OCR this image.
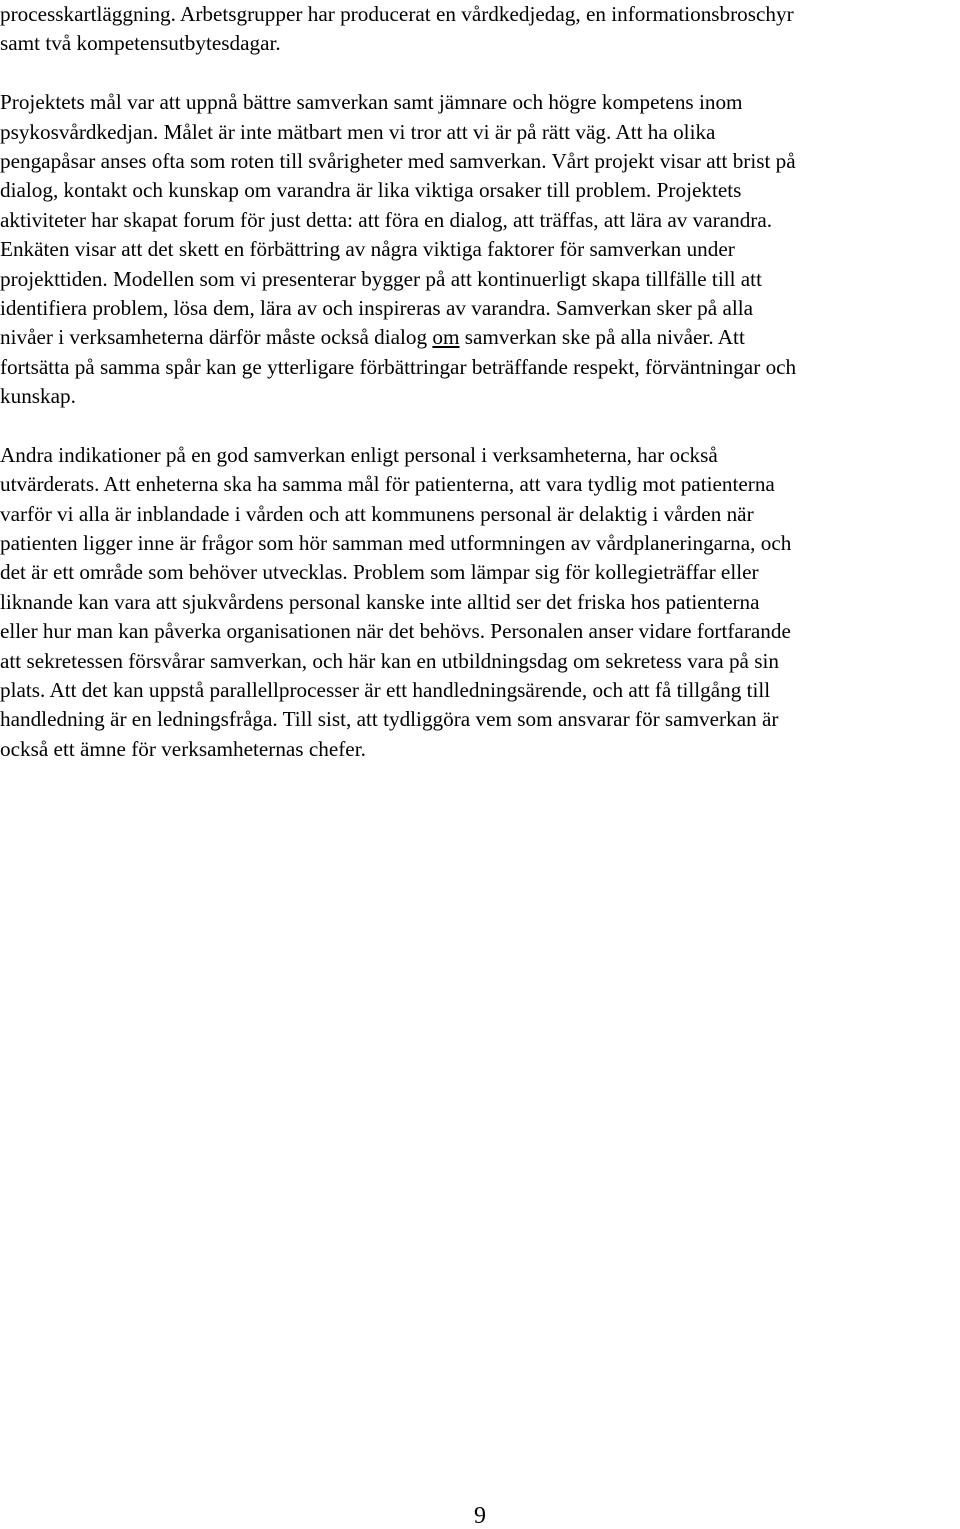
processkartläggning. Arbetsgrupper har producerat en vårdkedjedag, en informationsbroschyr
samt två kompetensutbytesdagar.
Projektets mål var att uppnå bättre samverkan samt jämnare och högre kompetens inom
psykosvårdkedjan. Målet är inte mätbart men vi tror att vi är på rätt väg. Att ha olika
pengapåsar anses ofta som roten till svårigheter med samverkan. Vårt projekt visar att brist på
dialog, kontakt och kunskap om varandra är lika viktiga orsaker till problem. Projektets
aktiviteter har skapat forum för just detta: att föra en dialog, att träffas, att lära av varandra.
Enkäten visar att det skett en förbättring av några viktiga faktorer för samverkan under
projekttiden. Modellen som vi presenterar bygger på att kontinuerligt skapa tillfälle till att
identifiera problem, lösa dem, lära av och inspireras av varandra. Samverkan sker på alla
nivåer i verksamheterna därför måste också dialog om samverkan ske på alla nivåer. Att
fortsätta på samma spår kan ge ytterligare förbättringar beträffande respekt, förväntningar och
kunskap.
Andra indikationer på en god samverkan enligt personal i verksamheterna, har också
utvärderats. Att enheterna ska ha samma mål för patienterna, att vara tydlig mot patienterna
varför vi alla är inblandade i vården och att kommunens personal är delaktig i vården när
patienten ligger inne är frågor som hör samman med utformningen av vårdplaneringarna, och
det är ett område som behöver utvecklas. Problem som lämpar sig för kollegieträffar eller
liknande kan vara att sjukvårdens personal kanske inte alltid ser det friska hos patienterna
eller hur man kan påverka organisationen när det behövs. Personalen anser vidare fortfarande
att sekretessen försvårar samverkan, och här kan en utbildningsdag om sekretess vara på sin
plats. Att det kan uppstå parallellprocesser är ett handledningsärende, och att få tillgång till
handledning är en ledningsfråga. Till sist, att tydliggöra vem som ansvarar för samverkan är
också ett ämne för verksamheternas chefer.
9
